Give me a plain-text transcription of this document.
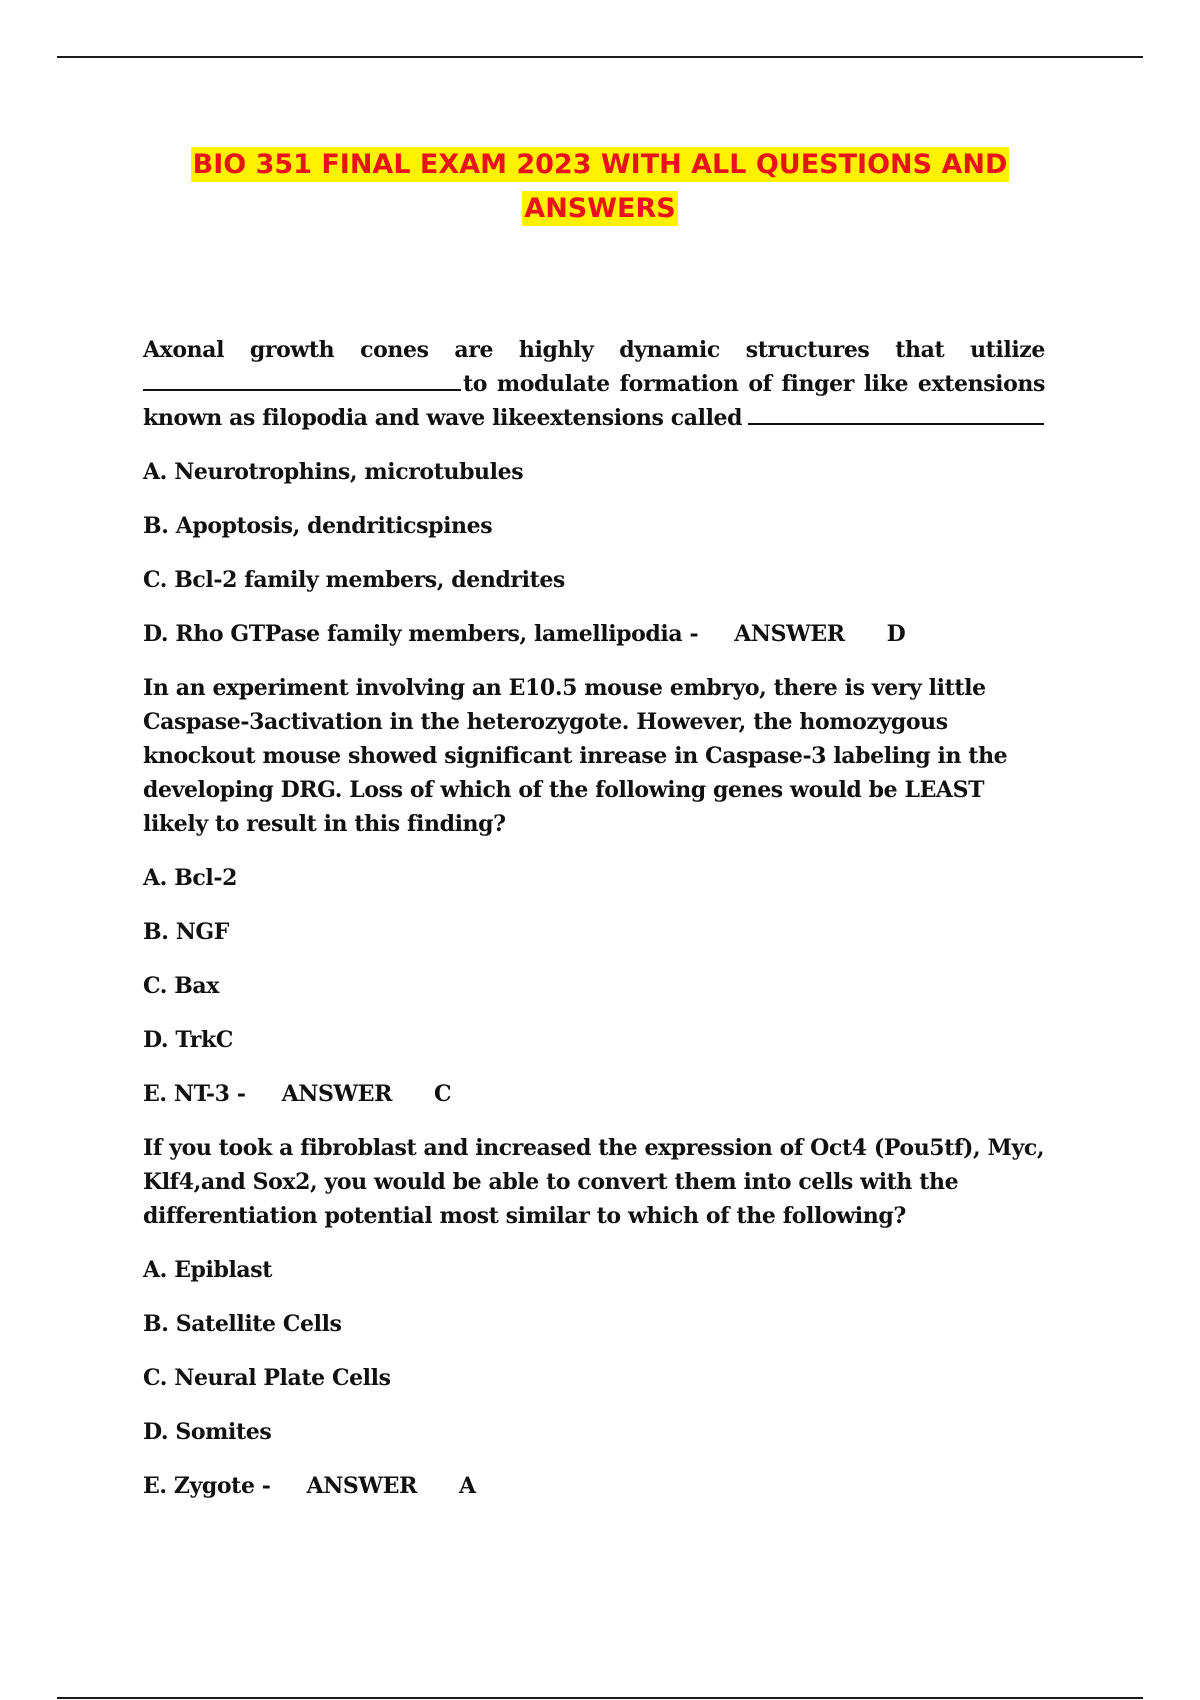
BIO 351 FINAL EXAM 2023 WITH ALL QUESTIONS AND
ANSWERS

Axonal growth cones are highly dynamic structures that utilize to modulate formation of finger like extensions known as filopodia and wave likeextensions called

A. Neurotrophins, microtubules
B. Apoptosis, dendriticspines
C. Bcl-2 family members, dendrites
D. Rho GTPase family members, lamellipodia - ANSWER D

In an experiment involving an E10.5 mouse embryo, there is very little Caspase-3activation in the heterozygote. However, the homozygous knockout mouse showed significant inrease in Caspase-3 labeling in the developing DRG. Loss of which of the following genes would be LEAST likely to result in this finding?

A. Bcl-2
B. NGF
C. Bax
D. TrkC
E. NT-3 - ANSWER C

If you took a fibroblast and increased the expression of Oct4 (Pou5tf), Myc, Klf4,and Sox2, you would be able to convert them into cells with the differentiation potential most similar to which of the following?

A. Epiblast
B. Satellite Cells
C. Neural Plate Cells
D. Somites
E. Zygote - ANSWER A
